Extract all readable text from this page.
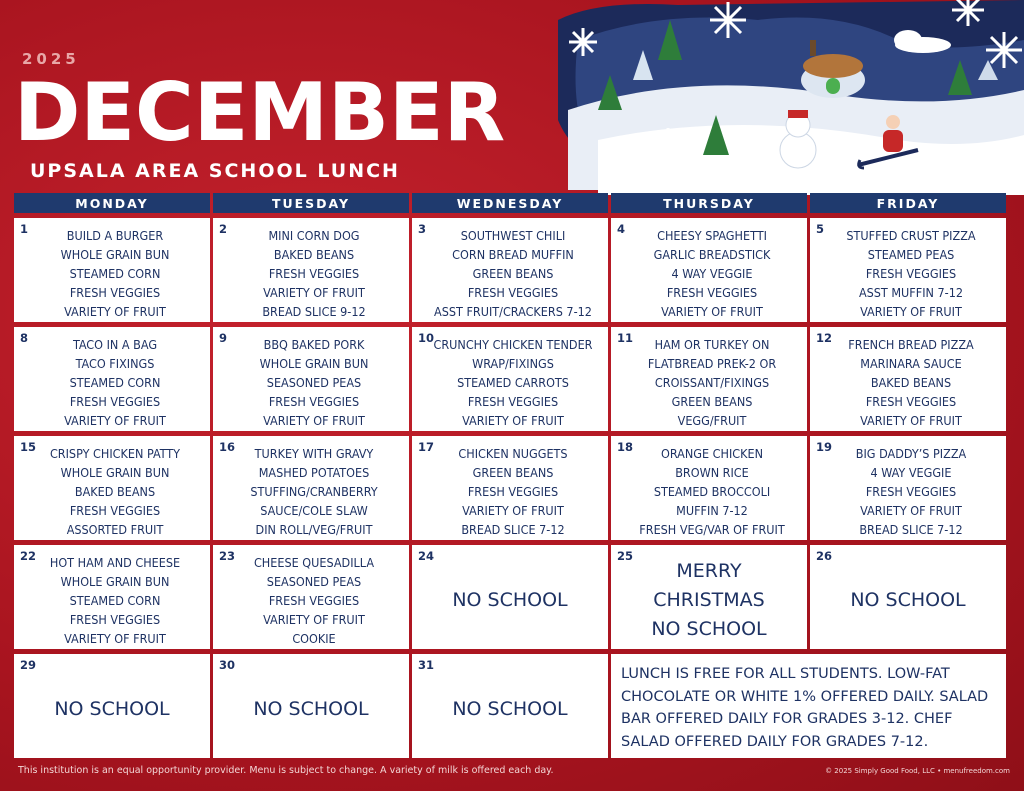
2025
DECEMBER
UPSALA AREA SCHOOL LUNCH
MONDAY	TUESDAY	WEDNESDAY	THURSDAY	FRIDAY
1	BUILD A BURGER
WHOLE GRAIN BUN
STEAMED CORN
FRESH VEGGIES
VARIETY OF FRUIT
2	MINI CORN DOG
BAKED BEANS
FRESH VEGGIES
VARIETY OF FRUIT
BREAD SLICE 9-12
3	SOUTHWEST CHILI
CORN BREAD MUFFIN
GREEN BEANS
FRESH VEGGIES
ASST FRUIT/CRACKERS 7-12
4	CHEESY SPAGHETTI
GARLIC BREADSTICK
4 WAY VEGGIE
FRESH VEGGIES
VARIETY OF FRUIT
5	STUFFED CRUST PIZZA
STEAMED PEAS
FRESH VEGGIES
ASST MUFFIN 7-12
VARIETY OF FRUIT
8	TACO IN A BAG
TACO FIXINGS
STEAMED CORN
FRESH VEGGIES
VARIETY OF FRUIT
9	BBQ BAKED PORK
WHOLE GRAIN BUN
SEASONED PEAS
FRESH VEGGIES
VARIETY OF FRUIT
10 CRUNCHY CHICKEN TENDER
WRAP/FIXINGS
STEAMED CARROTS
FRESH VEGGIES
VARIETY OF FRUIT
11	HAM OR TURKEY ON
FLATBREAD PREK-2 OR
CROISSANT/FIXINGS
GREEN BEANS
VEGG/FRUIT
12	FRENCH BREAD PIZZA
MARINARA SAUCE
BAKED BEANS
FRESH VEGGIES
VARIETY OF FRUIT
15	CRISPY CHICKEN PATTY
WHOLE GRAIN BUN
BAKED BEANS
FRESH VEGGIES
ASSORTED FRUIT
16	TURKEY WITH GRAVY
MASHED POTATOES
STUFFING/CRANBERRY
SAUCE/COLE SLAW
DIN ROLL/VEG/FRUIT
17	CHICKEN NUGGETS
GREEN BEANS
FRESH VEGGIES
VARIETY OF FRUIT
BREAD SLICE 7-12
18	ORANGE CHICKEN
BROWN RICE
STEAMED BROCCOLI
MUFFIN 7-12
FRESH VEG/VAR OF FRUIT
19	BIG DADDY’S PIZZA
4 WAY VEGGIE
FRESH VEGGIES
VARIETY OF FRUIT
BREAD SLICE 7-12
22	HOT HAM AND CHEESE
WHOLE GRAIN BUN
STEAMED CORN
FRESH VEGGIES
VARIETY OF FRUIT
23	CHEESE QUESADILLA
SEASONED PEAS
FRESH VEGGIES
VARIETY OF FRUIT
COOKIE
24
NO SCHOOL
25
MERRY
CHRISTMAS
NO SCHOOL
26
NO SCHOOL
29
NO SCHOOL
30
NO SCHOOL
31
NO SCHOOL
LUNCH IS FREE FOR ALL STUDENTS. LOW-FAT CHOCOLATE OR WHITE 1% OFFERED DAILY. SALAD BAR OFFERED DAILY FOR GRADES 3-12. CHEF SALAD OFFERED DAILY FOR GRADES 7-12.
This institution is an equal opportunity provider. Menu is subject to change. A variety of milk is offered each day.	© 2025 Simply Good Food, LLC • menufreedom.com
